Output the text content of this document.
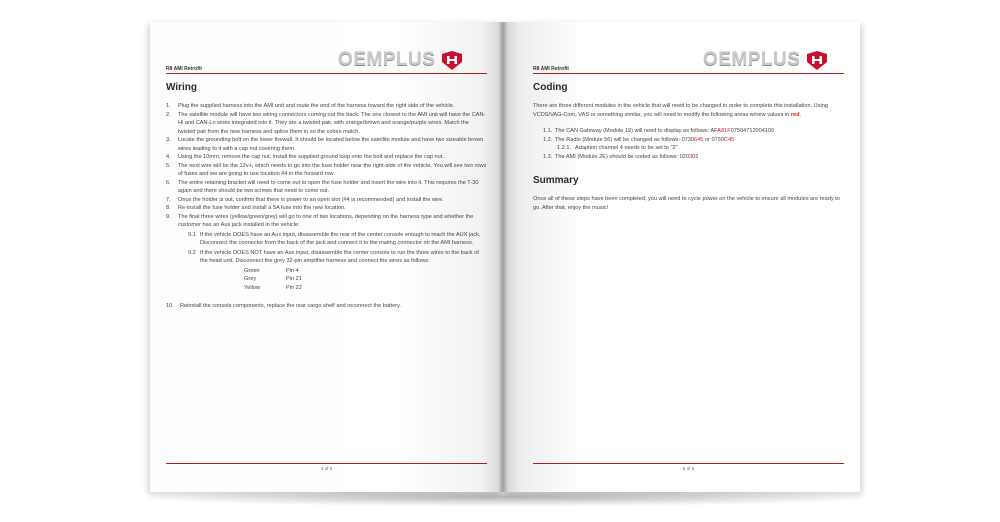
OEMPLUS
R8 AMI Retrofit
Wiring
1. Plug the supplied harness into the AMI unit and route the end of the harness toward the right side of the vehicle.
2. The satellite module will have two wiring connectors coming out the back. The one closest to the AMI unit will have the CAN-Hi and CAN-Lo wires integrated into it. They are a twisted pair, with orange/brown and orange/purple wires. Match the twisted pair from the new harness and splice them in so the colors match.
3. Locate the grounding bolt on the lower firewall. It should be located below the satellite module and have two sizeable brown wires leading to it with a cap nut covering them.
4. Using the 10mm, remove the cap nut, install the supplied ground loop onto the bolt and replace the cap nut.
5. The next wire will be the 12v+, which needs to go into the fuse holder near the right-side of the vehicle. You will see two rows of fuses and we are going to use location #4 in the forward row.
6. The entire retaining bracket will need to come out to open the fuse holder and insert the wire into it. This requires the T-30 again and there should be two screws that need to come out.
7. Once the holder is out, confirm that there is power to an open slot (#4 is recommended) and install the wire.
8. Re-install the fuse holder and install a 5A fuse into the new location.
9. The final three wires (yellow/green/grey) will go to one of two locations, depending on the harness type and whether the customer has an Aux jack installed in the vehicle:
9.1 If the vehicle DOES have an Aux input, disassemble the rear of the center console enough to reach the AUX jack. Disconnect the connector from the back of the jack and connect it to the mating connector on the AMI harness.
9.2 If the vehicle DOES NOT have an Aux input, disassemble the center console to run the three wires to the back of the head unit. Disconnect the grey 32-pin amplifier harness and connect the wires as follows:
Green	Pin 4
Grey	Pin 21
Yellow	Pin 22
10. Reinstall the console components, replace the rear cargo shelf and reconnect the battery.
4 of 5
OEMPLUS
R8 AMI Retrofit
Coding

There are three different modules in the vehicle that will need to be changed in order to complete this installation. Using VCDS/VAG-Com, VAS or something similar, you will need to modify the following areas w/new values in red.

1.1. The CAN Gateway (Module 19) will need to display as follows: AFA81F07504712004100
1.2. The Radio (Module 56) will be changed as follows: 0730645 or 0730C45
1.2.1. Adaption channel 4 needs to be set to "2".
1.3. The AMI (Module 2E) should be coded as follows: 020302
Summary

Once all of these steps have been completed, you will need to cycle power on the vehicle to ensure all modules are ready to go. After that, enjoy the music!

5 of 5
